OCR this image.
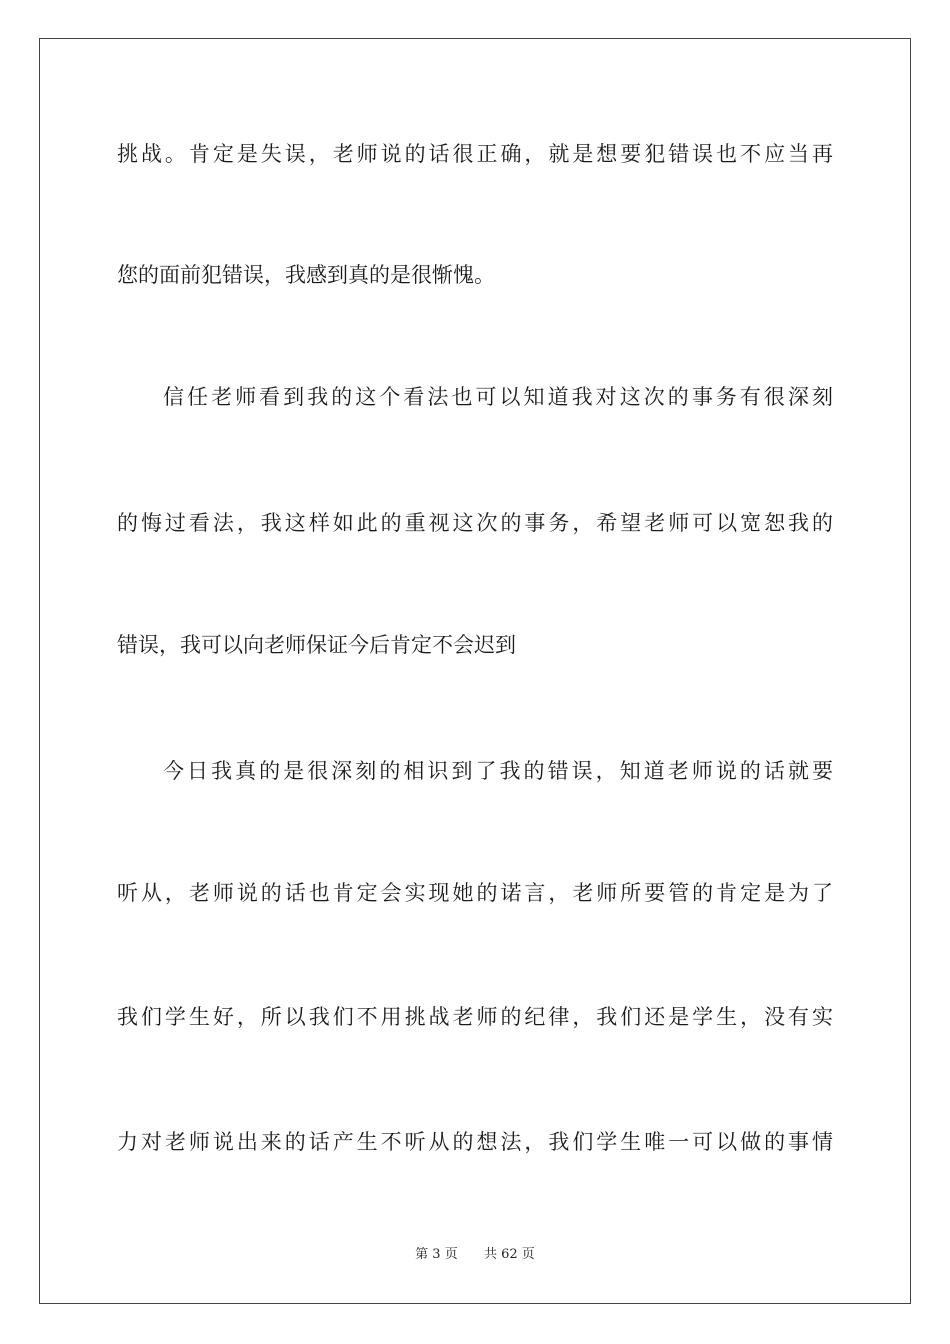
挑战。肯定是失误，老师说的话很正确，就是想要犯错误也不应当再
您的面前犯错误，我感到真的是很惭愧。
信任老师看到我的这个看法也可以知道我对这次的事务有很深刻
的悔过看法，我这样如此的重视这次的事务，希望老师可以宽恕我的
错误，我可以向老师保证今后肯定不会迟到
今日我真的是很深刻的相识到了我的错误，知道老师说的话就要
听从，老师说的话也肯定会实现她的诺言，老师所要管的肯定是为了
我们学生好，所以我们不用挑战老师的纪律，我们还是学生，没有实
力对老师说出来的话产生不听从的想法，我们学生唯一可以做的事情
第 3 页 共 62 页
